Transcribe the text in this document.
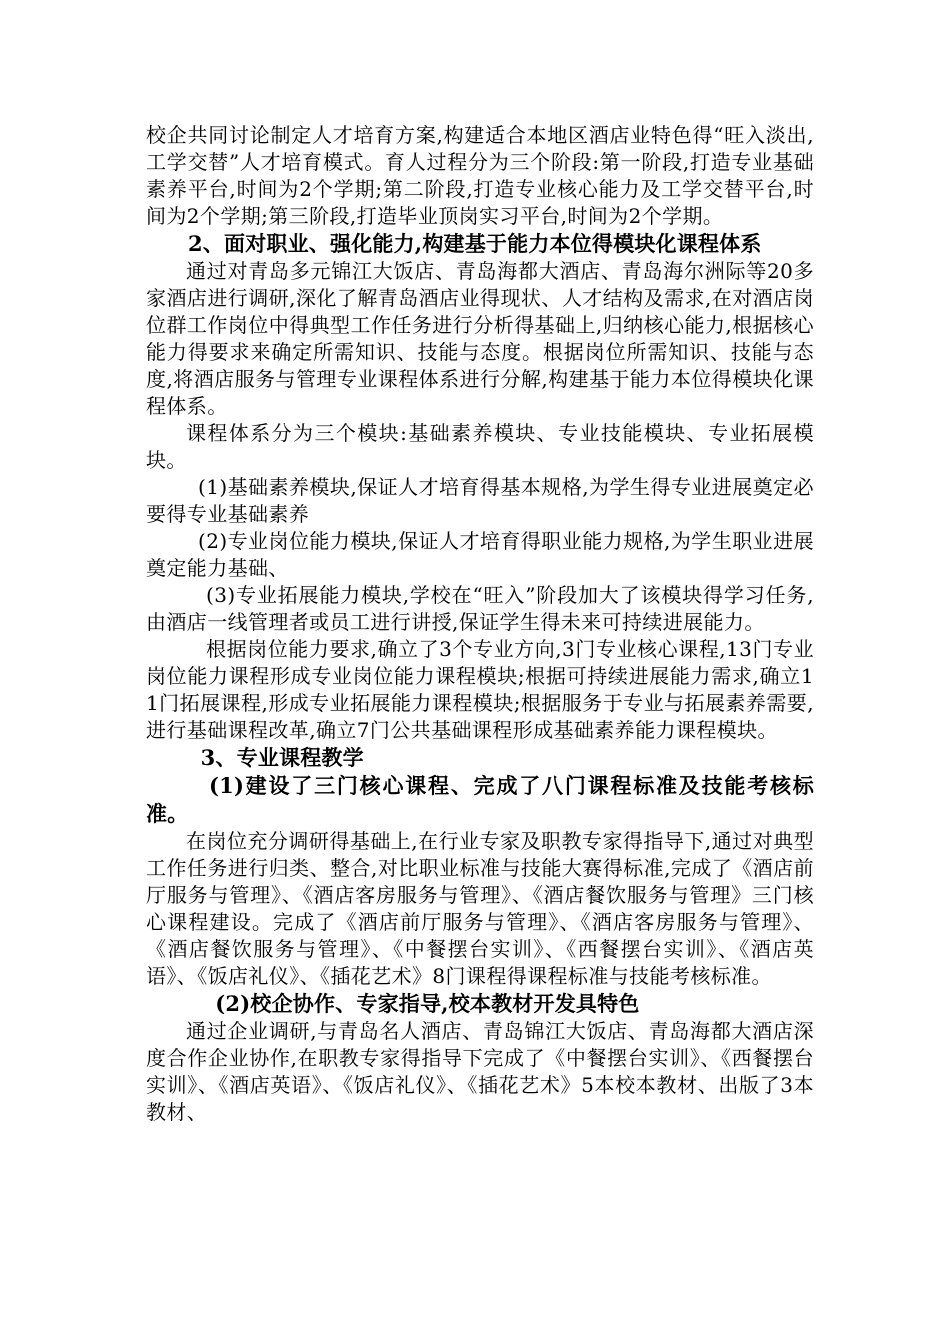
校企共同讨论制定人才培育方案,构建适合本地区酒店业特色得“旺入淡出,工学交替”人才培育模式。育人过程分为三个阶段:第一阶段,打造专业基础素养平台,时间为2个学期;第二阶段,打造专业核心能力及工学交替平台,时间为2个学期;第三阶段,打造毕业顶岗实习平台,时间为2个学期。

2、面对职业、强化能力,构建基于能力本位得模块化课程体系

通过对青岛多元锦江大饭店、青岛海都大酒店、青岛海尔洲际等20多家酒店进行调研,深化了解青岛酒店业得现状、人才结构及需求,在对酒店岗位群工作岗位中得典型工作任务进行分析得基础上,归纳核心能力,根据核心能力得要求来确定所需知识、技能与态度。根据岗位所需知识、技能与态度,将酒店服务与管理专业课程体系进行分解,构建基于能力本位得模块化课程体系。

课程体系分为三个模块:基础素养模块、专业技能模块、专业拓展模块。

(1)基础素养模块,保证人才培育得基本规格,为学生得专业进展奠定必要得专业基础素养

(2)专业岗位能力模块,保证人才培育得职业能力规格,为学生职业进展奠定能力基础、

(3)专业拓展能力模块,学校在“旺入”阶段加大了该模块得学习任务,由酒店一线管理者或员工进行讲授,保证学生得未来可持续进展能力。

根据岗位能力要求,确立了3个专业方向,3门专业核心课程,13门专业岗位能力课程形成专业岗位能力课程模块;根据可持续进展能力需求,确立11门拓展课程,形成专业拓展能力课程模块;根据服务于专业与拓展素养需要,进行基础课程改革,确立7门公共基础课程形成基础素养能力课程模块。

3、专业课程教学

(1)建设了三门核心课程、完成了八门课程标准及技能考核标准。

在岗位充分调研得基础上,在行业专家及职教专家得指导下,通过对典型工作任务进行归类、整合,对比职业标准与技能大赛得标准,完成了《酒店前厅服务与管理》、《酒店客房服务与管理》、《酒店餐饮服务与管理》三门核心课程建设。完成了《酒店前厅服务与管理》、《酒店客房服务与管理》、《酒店餐饮服务与管理》、《中餐摆台实训》、《西餐摆台实训》、《酒店英语》、《饭店礼仪》、《插花艺术》8门课程得课程标准与技能考核标准。

(2)校企协作、专家指导,校本教材开发具特色

通过企业调研,与青岛名人酒店、青岛锦江大饭店、青岛海都大酒店深度合作企业协作,在职教专家得指导下完成了《中餐摆台实训》、《西餐摆台实训》、《酒店英语》、《饭店礼仪》、《插花艺术》5本校本教材、出版了3本教材、
